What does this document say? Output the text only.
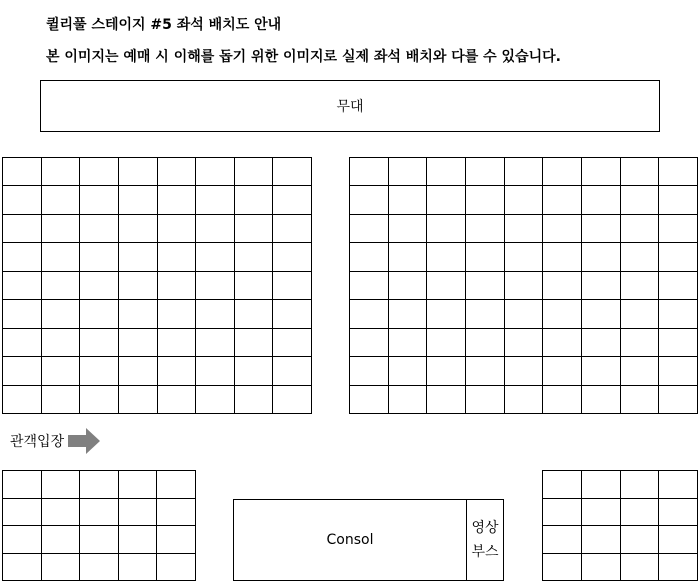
퀼리풀 스테이지 #5 좌석 배치도 안내
본 이미지는 예매 시 이해를 돕기 위한 이미지로 실제 좌석 배치와 다를 수 있습니다.
무대
관객입장
Consol
영상
부스
